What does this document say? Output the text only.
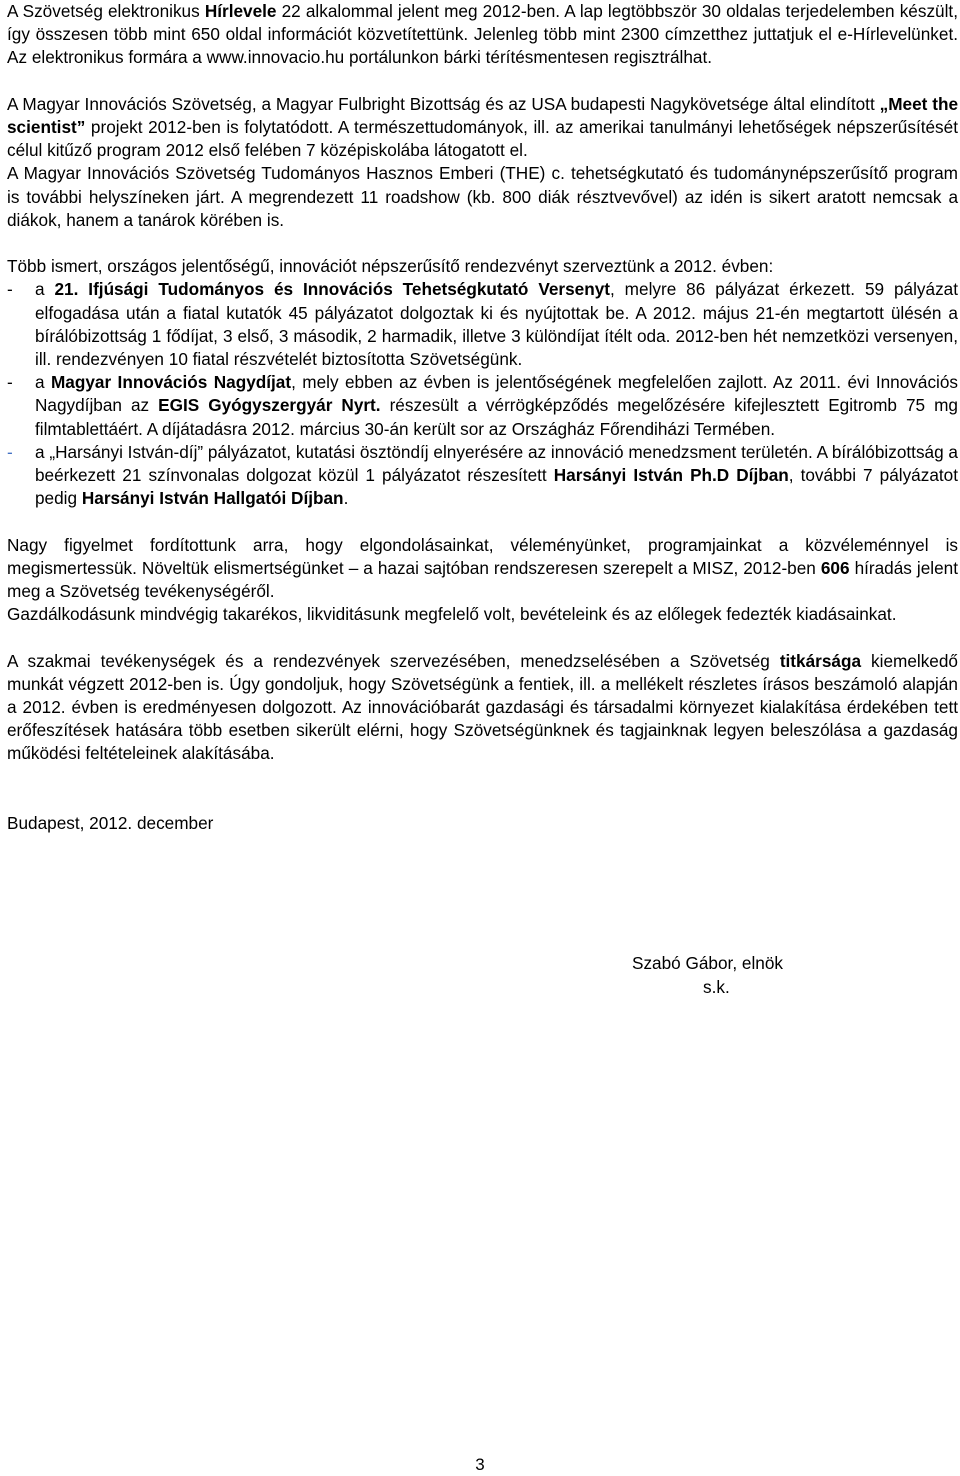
A Szövetség elektronikus Hírlevele 22 alkalommal jelent meg 2012-ben. A lap legtöbbször 30 oldalas terjedelemben készült, így összesen több mint 650 oldal információt közvetítettünk. Jelenleg több mint 2300 címzetthez juttatjuk el e-Hírlevelünket. Az elektronikus formára a www.innovacio.hu portálunkon bárki térítésmentesen regisztrálhat.

A Magyar Innovációs Szövetség, a Magyar Fulbright Bizottság és az USA budapesti Nagykövetsége által elindított „Meet the scientist” projekt 2012-ben is folytatódott. A természettudományok, ill. az amerikai tanulmányi lehetőségek népszerűsítését célul kitűző program 2012 első felében 7 középiskolába látogatott el.

A Magyar Innovációs Szövetség Tudományos Hasznos Emberi (THE) c. tehetségkutató és tudománynépszerűsítő program is további helyszíneken járt. A megrendezett 11 roadshow (kb. 800 diák résztvevővel) az idén is sikert aratott nemcsak a diákok, hanem a tanárok körében is.

Több ismert, országos jelentőségű, innovációt népszerűsítő rendezvényt szerveztünk a 2012. évben:

- a 21. Ifjúsági Tudományos és Innovációs Tehetségkutató Versenyt, melyre 86 pályázat érkezett. 59 pályázat elfogadása után a fiatal kutatók 45 pályázatot dolgoztak ki és nyújtottak be. A 2012. május 21-én megtartott ülésén a bírálóbizottság 1 fődíjat, 3 első, 3 második, 2 harmadik, illetve 3 különdíjat ítélt oda. 2012-ben hét nemzetközi versenyen, ill. rendezvényen 10 fiatal részvételét biztosította Szövetségünk.
- a Magyar Innovációs Nagydíjat, mely ebben az évben is jelentőségének megfelelően zajlott. Az 2011. évi Innovációs Nagydíjban az EGIS Gyógyszergyár Nyrt. részesült a vérrögképződés megelőzésére kifejlesztett Egitromb 75 mg filmtablettáért. A díjátadásra 2012. március 30-án került sor az Országház Főrendiházi Termében.
- a „Harsányi István-díj” pályázatot, kutatási ösztöndíj elnyerésére az innováció menedzsment területén. A bírálóbizottság a beérkezett 21 színvonalas dolgozat közül 1 pályázatot részesített Harsányi István Ph.D Díjban, további 7 pályázatot pedig Harsányi István Hallgatói Díjban.

Nagy figyelmet fordítottunk arra, hogy elgondolásainkat, véleményünket, programjainkat a közvéleménnyel is megismertessük. Növeltük elismertségünket – a hazai sajtóban rendszeresen szerepelt a MISZ, 2012-ben 606 híradás jelent meg a Szövetség tevékenységéről.

Gazdálkodásunk mindvégig takarékos, likviditásunk megfelelő volt, bevételeink és az előlegek fedezték kiadásainkat.

A szakmai tevékenységek és a rendezvények szervezésében, menedzselésében a Szövetség titkársága kiemelkedő munkát végzett 2012-ben is. Úgy gondoljuk, hogy Szövetségünk a fentiek, ill. a mellékelt részletes írásos beszámoló alapján a 2012. évben is eredményesen dolgozott. Az innovációbarát gazdasági és társadalmi környezet kialakítása érdekében tett erőfeszítések hatására több esetben sikerült elérni, hogy Szövetségünknek és tagjainknak legyen beleszólása a gazdaság működési feltételeinek alakításába.

Budapest, 2012. december

Szabó Gábor, elnök
s.k.
3
